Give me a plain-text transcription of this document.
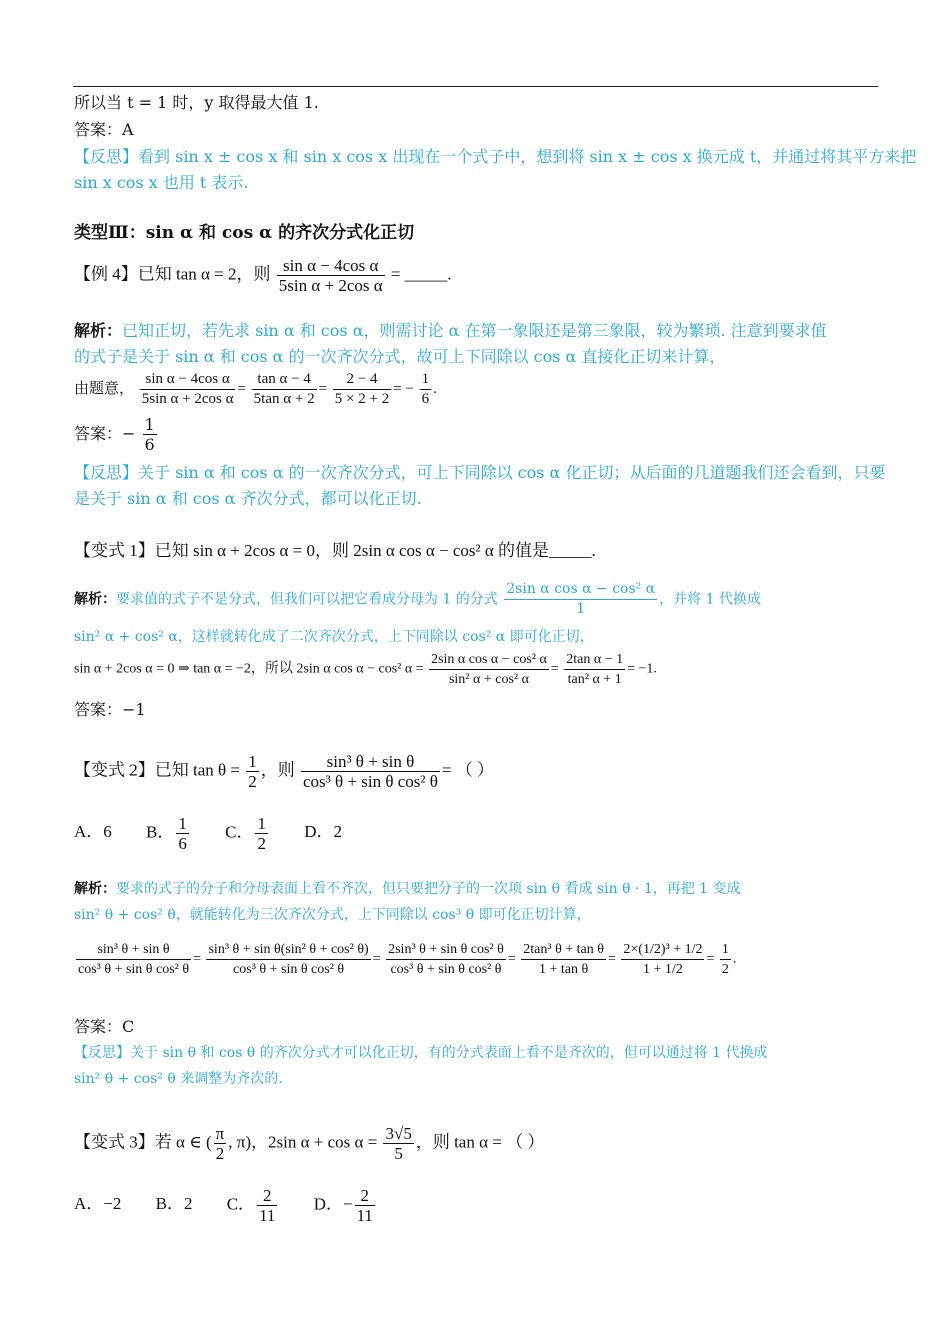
所以当 t = 1 时，y 取得最大值 1.
答案：A
【反思】看到 sin x ± cos x 和 sin x cos x 出现在一个式子中，想到将 sin x ± cos x 换元成 t，并通过将其平方来把
sin x cos x 也用 t 表示.
类型Ⅲ：sin α 和 cos α 的齐次分式化正切
【例 4】已知 tan α = 2，则 $\frac{\text{sin α − 4cos α}}{\text{5sin α + 2cos α}}$ = _____.
解析：已知正切，若先求 sin α 和 cos α，则需讨论 α 在第一象限还是第三象限，较为繁琐. 注意到要求值
的式子是关于 sin α 和 cos α 的一次齐次分式，故可上下同除以 cos α 直接化正切来计算，
由题意， $\frac{\text{sin α − 4cos α}}{\text{5sin α + 2cos α}} = \frac{\text{tan α − 4}}{\text{5tan α + 2}} = \frac{2 - 4}{5 \times 2 + 2}$ = − $\frac{1}{6}$ .
答案：− $\frac{1}{6}$
【反思】关于 sin α 和 cos α 的一次齐次分式，可上下同除以 cos α 化正切；从后面的几道题我们还会看到，只要
是关于 sin α 和 cos α 齐次分式，都可以化正切.
【变式 1】已知 sin α + 2cos α = 0，则 2sin α cos α − cos² α 的值是_____.
解析：要求值的式子不是分式，但我们可以把它看成分母为 1 的分式 $\frac{\text{2sin α cos α − cos² α}}{1}$ ，并将 1 代换成
sin² α + cos² α，这样就转化成了二次齐次分式，上下同除以 cos² α 即可化正切，
sin α + 2cos α = 0 ⇒ tan α = −2，所以 2sin α cos α − cos² $\alpha = \frac{\text{2sin α cos α − cos² α}}{\text{sin² α + cos² α}} = \frac{\text{2tan α − 1}}{\text{tan² α + 1}} = -1$.
答案：−1
【变式 2】已知 $\tan \theta = \frac{1}{2}$ ，则 $\frac{\text{sin³ θ + sin θ}}{\text{cos³ θ + sin θ cos² θ}}$ = （ ）
A．6 B． $\frac{1}{6}$ C． $\frac{1}{2}$ D．2
解析：要求的式子的分子和分母表面上看不齐次，但只要把分子的一次项 sin θ 看成 sin θ · 1，再把 1 变成
sin² θ + cos² θ，就能转化为三次齐次分式，上下同除以 cos³ θ 即可化正切计算，
$\frac{\text{sin³ θ + sin θ}}{\text{cos³ θ + sin θ cos² θ}} = \frac{\text{sin³ θ + sin θ(sin² θ + cos² θ)}}{\text{cos³ θ + sin θ cos² θ}} = \frac{\text{2sin³ θ + sin θ cos² θ}}{\text{cos³ θ + sin θ cos² θ}} = \frac{\text{2tan³ θ + tan θ}}{\text{1 + tan θ}} = \frac{\text{2×(1/2)³ + 1/2}}{1 + 1/2} = \frac{1}{2}$ .
答案：C
【反思】关于 sin θ 和 cos θ 的齐次分式才可以化正切，有的分式表面上看不是齐次的，但可以通过将 1 代换成
sin² θ + cos² θ 来调整为齐次的.
【变式 3】若 α ∈ ( $\frac{\pi}{2}$ , π)，2sin $\alpha + \cos \alpha = \frac{3√5}{5}$ ，则 tan α = （ ）
A．−2 B．2 C． $\frac{2}{11}$ D．− $\frac{2}{11}$
